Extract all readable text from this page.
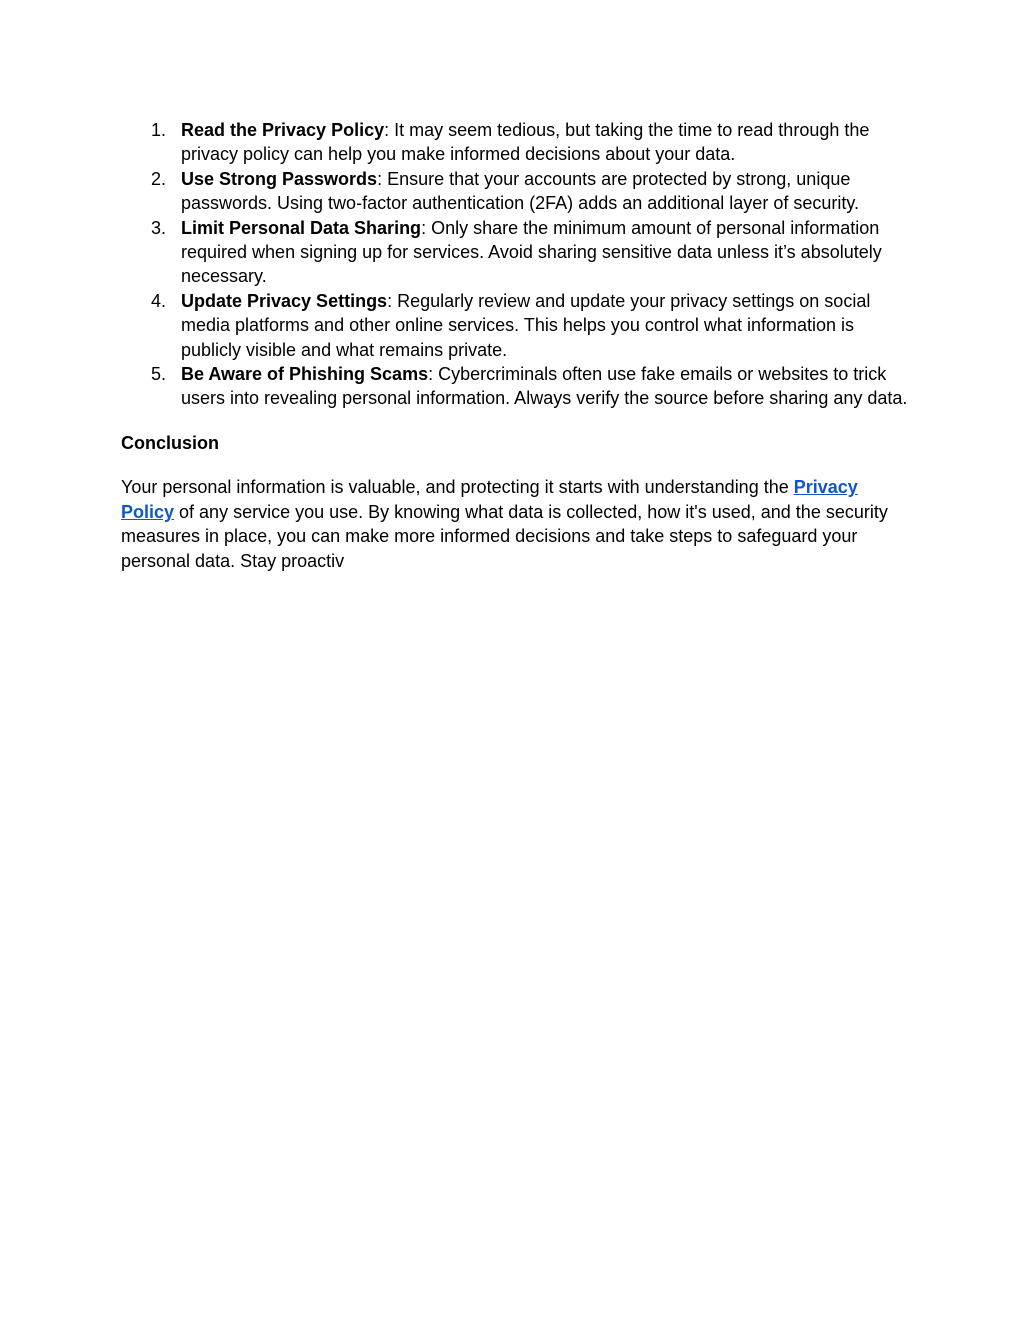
1. Read the Privacy Policy: It may seem tedious, but taking the time to read through the privacy policy can help you make informed decisions about your data.
2. Use Strong Passwords: Ensure that your accounts are protected by strong, unique passwords. Using two-factor authentication (2FA) adds an additional layer of security.
3. Limit Personal Data Sharing: Only share the minimum amount of personal information required when signing up for services. Avoid sharing sensitive data unless it’s absolutely necessary.
4. Update Privacy Settings: Regularly review and update your privacy settings on social media platforms and other online services. This helps you control what information is publicly visible and what remains private.
5. Be Aware of Phishing Scams: Cybercriminals often use fake emails or websites to trick users into revealing personal information. Always verify the source before sharing any data.
Conclusion

Your personal information is valuable, and protecting it starts with understanding the Privacy Policy of any service you use. By knowing what data is collected, how it's used, and the security measures in place, you can make more informed decisions and take steps to safeguard your personal data. Stay proactiv
